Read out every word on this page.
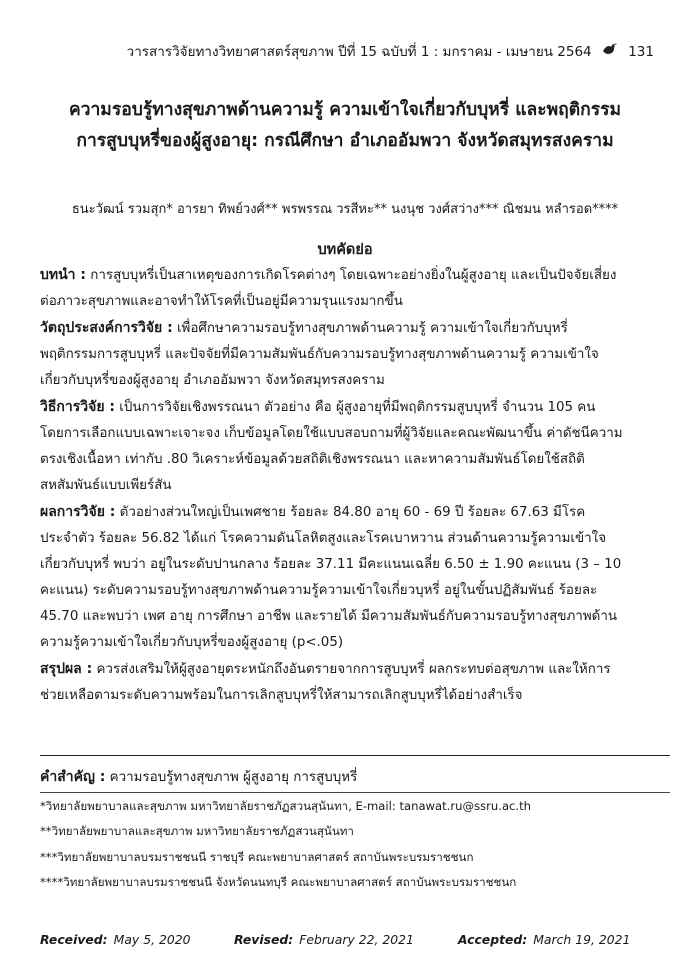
วารสารวิจัยทางวิทยาศาสตร์สุขภาพ ปีที่ 15 ฉบับที่ 1 : มกราคม - เมษายน 2564	131
ความรอบรู้ทางสุขภาพด้านความรู้ ความเข้าใจเกี่ยวกับบุหรี่ และพฤติกรรม
การสูบบุหรี่ของผู้สูงอายุ: กรณีศึกษา อำเภออัมพวา จังหวัดสมุทรสงคราม
ธนะวัฒน์ รวมสุก* อารยา ทิพย์วงศ์** พรพรรณ วรสีหะ** นงนุช วงศ์สว่าง*** ณิชมน หลำรอด****
บทคัดย่อ

บทนำ : การสูบบุหรี่เป็นสาเหตุของการเกิดโรคต่างๆ โดยเฉพาะอย่างยิ่งในผู้สูงอายุ และเป็นปัจจัยเสี่ยง
ต่อภาวะสุขภาพและอาจทำให้โรคที่เป็นอยู่มีความรุนแรงมากขึ้น

วัตถุประสงค์การวิจัย : เพื่อศึกษาความรอบรู้ทางสุขภาพด้านความรู้ ความเข้าใจเกี่ยวกับบุหรี่
พฤติกรรมการสูบบุหรี่ และปัจจัยที่มีความสัมพันธ์กับความรอบรู้ทางสุขภาพด้านความรู้ ความเข้าใจ
เกี่ยวกับบุหรี่ของผู้สูงอายุ อำเภออัมพวา จังหวัดสมุทรสงคราม

วิธีการวิจัย : เป็นการวิจัยเชิงพรรณนา ตัวอย่าง คือ ผู้สูงอายุที่มีพฤติกรรมสูบบุหรี่ จำนวน 105 คน
โดยการเลือกแบบเฉพาะเจาะจง เก็บข้อมูลโดยใช้แบบสอบถามที่ผู้วิจัยและคณะพัฒนาขึ้น ค่าดัชนีความ
ตรงเชิงเนื้อหา เท่ากับ .80 วิเคราะห์ข้อมูลด้วยสถิติเชิงพรรณนา และหาความสัมพันธ์โดยใช้สถิติ
สหสัมพันธ์แบบเพียร์สัน

ผลการวิจัย : ตัวอย่างส่วนใหญ่เป็นเพศชาย ร้อยละ 84.80 อายุ 60 - 69 ปี ร้อยละ 67.63 มีโรค
ประจำตัว ร้อยละ 56.82 ได้แก่ โรคความดันโลหิตสูงและโรคเบาหวาน ส่วนด้านความรู้ความเข้าใจ
เกี่ยวกับบุหรี่ พบว่า อยู่ในระดับปานกลาง ร้อยละ 37.11 มีคะแนนเฉลี่ย 6.50 ± 1.90 คะแนน (3 – 10
คะแนน) ระดับความรอบรู้ทางสุขภาพด้านความรู้ความเข้าใจเกี่ยวบุหรี่ อยู่ในขั้นปฏิสัมพันธ์ ร้อยละ
45.70 และพบว่า เพศ อายุ การศึกษา อาชีพ และรายได้ มีความสัมพันธ์กับความรอบรู้ทางสุขภาพด้าน
ความรู้ความเข้าใจเกี่ยวกับบุหรี่ของผู้สูงอายุ (p<.05)

สรุปผล : ควรส่งเสริมให้ผู้สูงอายุตระหนักถึงอันตรายจากการสูบบุหรี่ ผลกระทบต่อสุขภาพ และให้การ
ช่วยเหลือตามระดับความพร้อมในการเลิกสูบบุหรี่ให้สามารถเลิกสูบบุหรี่ได้อย่างสำเร็จ

คำสำคัญ : ความรอบรู้ทางสุขภาพ ผู้สูงอายุ การสูบบุหรี่
*วิทยาลัยพยาบาลและสุขภาพ มหาวิทยาลัยราชภัฏสวนสุนันทา, E-mail: tanawat.ru@ssru.ac.th
**วิทยาลัยพยาบาลและสุขภาพ มหาวิทยาลัยราชภัฏสวนสุนันทา
***วิทยาลัยพยาบาลบรมราชชนนี ราชบุรี คณะพยาบาลศาสตร์ สถาบันพระบรมราชชนก
****วิทยาลัยพยาบาลบรมราชชนนี จังหวัดนนทบุรี คณะพยาบาลศาสตร์ สถาบันพระบรมราชชนก
Received: May 5, 2020	Revised: February 22, 2021	Accepted: March 19, 2021
